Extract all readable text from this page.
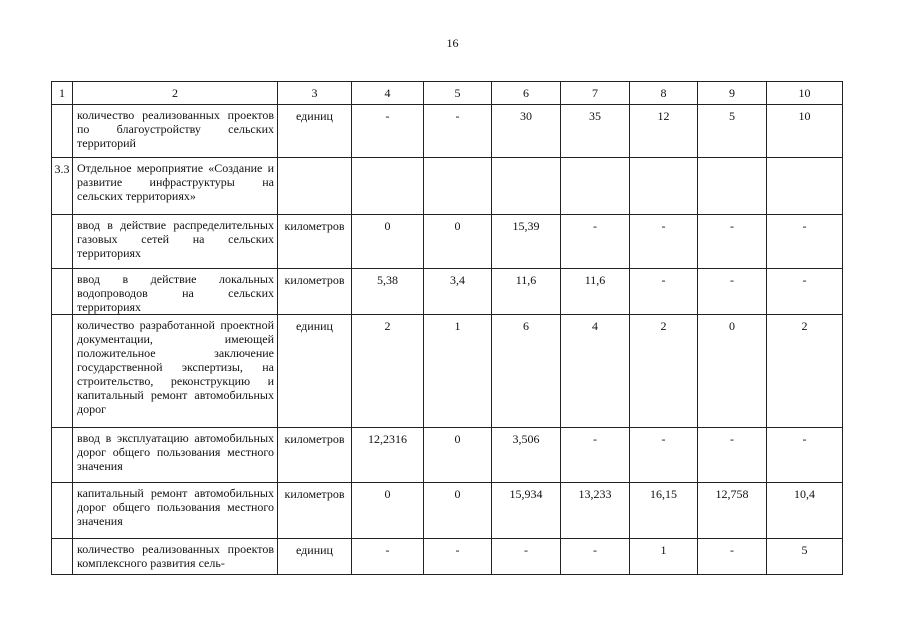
16
1	2	3	4	5	6	7	8	9	10
	количество реализованных проектов по благоустройству сельских территорий	единиц	-	-	30	35	12	5	10
3.3	Отдельное мероприятие «Создание и развитие инфраструктуры на сельских территориях»								
	ввод в действие распределительных газовых сетей на сельских территориях	километров	0	0	15,39	-	-	-	-
	ввод в действие локальных водопроводов на сельских территориях	километров	5,38	3,4	11,6	11,6	-	-	-
	количество разработанной проектной документации, имеющей положительное заключение государственной экспертизы, на строительство, реконструкцию и капитальный ремонт автомобильных дорог	единиц	2	1	6	4	2	0	2
	ввод в эксплуатацию автомобильных дорог общего пользования местного значения	километров	12,2316	0	3,506	-	-	-	-
	капитальный ремонт автомобильных дорог общего пользования местного значения	километров	0	0	15,934	13,233	16,15	12,758	10,4
	количество реализованных проектов комплексного развития сель-	единиц	-	-	-	-	1	-	5
